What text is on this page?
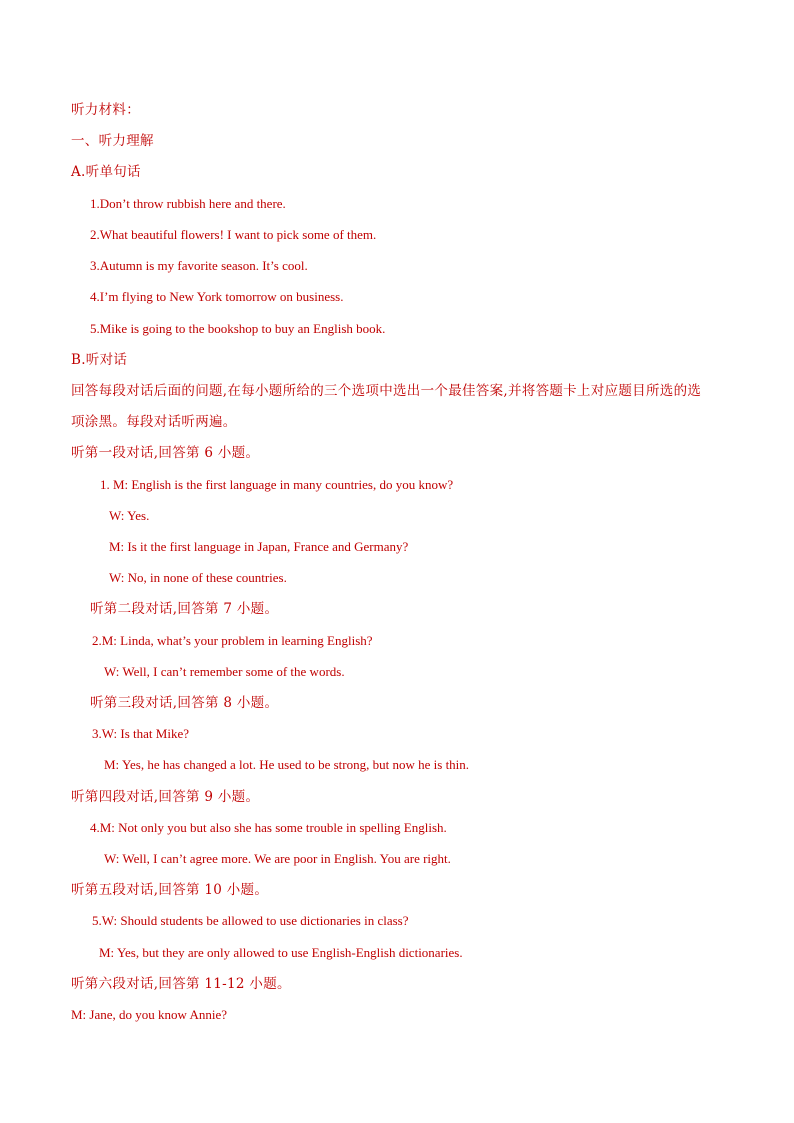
听力材料：
一、听力理解
A.听单句话
1.Don’t throw rubbish here and there.
2.What beautiful flowers! I want to pick some of them.
3.Autumn is my favorite season. It’s cool.
4.I’m flying to New York tomorrow on business.
5.Mike is going to the bookshop to buy an English book.
B.听对话
回答每段对话后面的问题,在每小题所给的三个选项中选出一个最佳答案,并将答题卡上对应题目所选的选
项涂黑。每段对话听两遍。
听第一段对话,回答第 6 小题。
1. M: English is the first language in many countries, do you know?
W: Yes.
M: Is it the first language in Japan, France and Germany?
W: No, in none of these countries.
听第二段对话,回答第 7 小题。
2.M: Linda, what’s your problem in learning English?
W: Well, I can’t remember some of the words.
听第三段对话,回答第 8 小题。
3.W: Is that Mike?
M: Yes, he has changed a lot. He used to be strong, but now he is thin.
听第四段对话,回答第 9 小题。
4.M: Not only you but also she has some trouble in spelling English.
W: Well, I can’t agree more. We are poor in English. You are right.
听第五段对话,回答第 10 小题。
5.W: Should students be allowed to use dictionaries in class?
M: Yes, but they are only allowed to use English-English dictionaries.
听第六段对话,回答第 11-12 小题。
M: Jane, do you know Annie?
